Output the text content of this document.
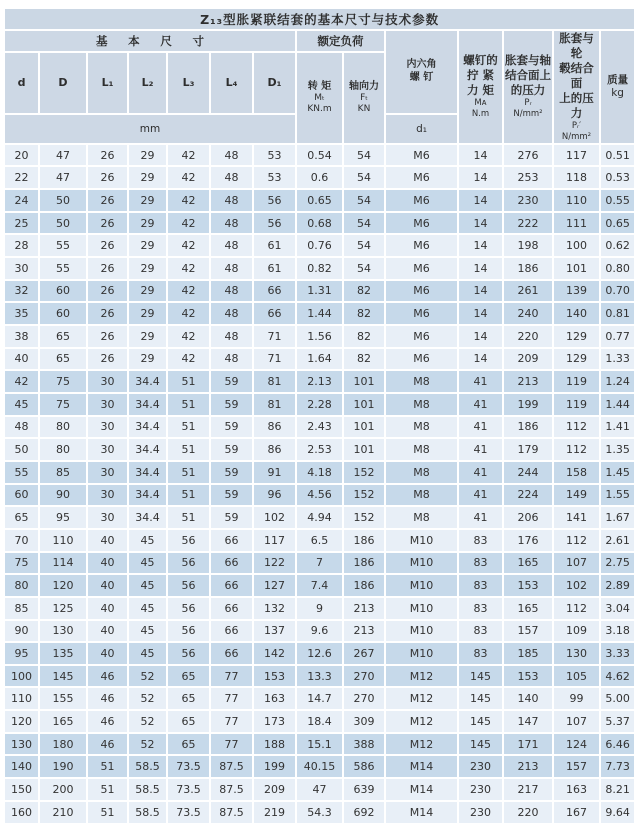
Z₁₃型胀紧联结套的基本尺寸与技术参数													
基本尺寸							额定负荷		内六角
螺 钉	螺钉的
拧 紧
力 矩
Mᴀ
N.m	胀套与轴
结合面上
的压力
Pᵣ
N/mm²	胀套与轮
毂结合面
上的压力
Pᵣ′
N/mm²	质量
kg

d	D	L₁	L₂	L₃	L₄	D₁	转 矩
Mₜ
KN.m	轴向力
Fₜ
KN					

mm									d₁				
20	47	26	29	42	48	53	0.54	54	M6	14	276	117	0.51
22	47	26	29	42	48	53	0.6	54	M6	14	253	118	0.53
24	50	26	29	42	48	56	0.65	54	M6	14	230	110	0.55
25	50	26	29	42	48	56	0.68	54	M6	14	222	111	0.65
28	55	26	29	42	48	61	0.76	54	M6	14	198	100	0.62
30	55	26	29	42	48	61	0.82	54	M6	14	186	101	0.80
32	60	26	29	42	48	66	1.31	82	M6	14	261	139	0.70
35	60	26	29	42	48	66	1.44	82	M6	14	240	140	0.81
38	65	26	29	42	48	71	1.56	82	M6	14	220	129	0.77
40	65	26	29	42	48	71	1.64	82	M6	14	209	129	1.33
42	75	30	34.4	51	59	81	2.13	101	M8	41	213	119	1.24
45	75	30	34.4	51	59	81	2.28	101	M8	41	199	119	1.44
48	80	30	34.4	51	59	86	2.43	101	M8	41	186	112	1.41
50	80	30	34.4	51	59	86	2.53	101	M8	41	179	112	1.35
55	85	30	34.4	51	59	91	4.18	152	M8	41	244	158	1.45
60	90	30	34.4	51	59	96	4.56	152	M8	41	224	149	1.55
65	95	30	34.4	51	59	102	4.94	152	M8	41	206	141	1.67
70	110	40	45	56	66	117	6.5	186	M10	83	176	112	2.61
75	114	40	45	56	66	122	7	186	M10	83	165	107	2.75
80	120	40	45	56	66	127	7.4	186	M10	83	153	102	2.89
85	125	40	45	56	66	132	9	213	M10	83	165	112	3.04
90	130	40	45	56	66	137	9.6	213	M10	83	157	109	3.18
95	135	40	45	56	66	142	12.6	267	M10	83	185	130	3.33
100	145	46	52	65	77	153	13.3	270	M12	145	153	105	4.62
110	155	46	52	65	77	163	14.7	270	M12	145	140	99	5.00
120	165	46	52	65	77	173	18.4	309	M12	145	147	107	5.37
130	180	46	52	65	77	188	15.1	388	M12	145	171	124	6.46
140	190	51	58.5	73.5	87.5	199	40.15	586	M14	230	213	157	7.73
150	200	51	58.5	73.5	87.5	209	47	639	M14	230	217	163	8.21
160	210	51	58.5	73.5	87.5	219	54.3	692	M14	230	220	167	9.64
